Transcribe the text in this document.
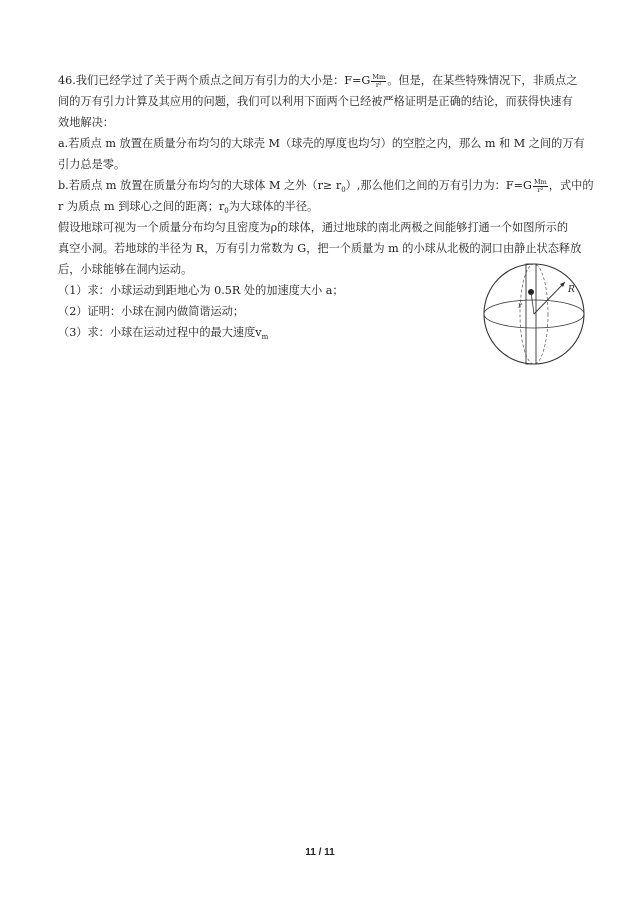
46.我们已经学过了关于两个质点之间万有引力的大小是：$F=G \frac{Mm}{\text{r²}}$ 。但是，在某些特殊情况下，非质点之
间的万有引力计算及其应用的问题，我们可以利用下面两个已经被严格证明是正确的结论，而获得快速有
效地解决：
a.若质点 m 放置在质量分布均匀的大球壳 M（球壳的厚度也均匀）的空腔之内，那么 m 和 M 之间的万有
引力总是零。
b.若质点 m 放置在质量分布均匀的大球体 M 之外$(r\ge r_0)$,那么他们之间的万有引力为：$F=G \frac{Mm}{\text{r²}}$ ，式中的
r 为质点 m 到球心之间的距离；$r_0$为大球体的半径。
假设地球可视为一个质量分布均匀且密度为ρ的球体，通过地球的南北两极之间能够打通一个如图所示的
真空小洞。若地球的半径为 R，万有引力常数为 G，把一个质量为 m 的小球从北极的洞口由静止状态释放
后，小球能够在洞内运动。
（1）求：小球运动到距地心为 0.5R 处的加速度大小 a；
（2）证明：小球在洞内做简谐运动；
（3）求：小球在运动过程中的最大速度$v_m$
R
r
11 / 11
